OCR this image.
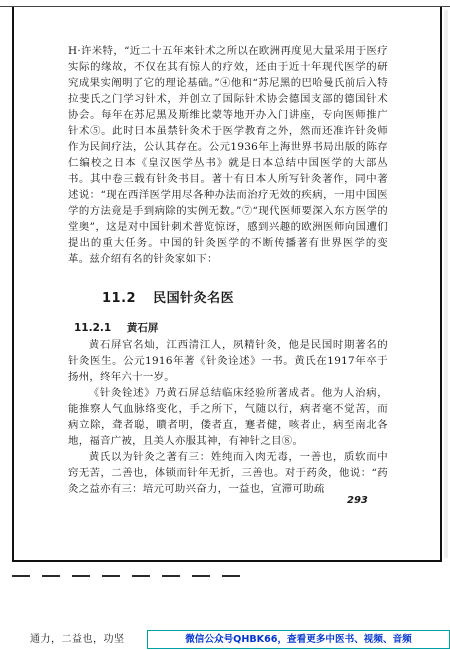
H·许米特，“近二十五年来针术之所以在欧洲再度见大量采用于医疗实际的缘故，不仅在其有惊人的疗效，还由于近十年现代医学的研究成果实阐明了它的理论基础。”④他和“苏尼黑的巴哈曼氏前后入特拉斐氏之门学习针术，并创立了国际针术协会德国支部的德国针术协会。每年在苏尼黑及斯维比蒙等地开办入门讲座，专向医师推广针术⑤。此时日本虽禁针灸术于医学教育之外，然而还准许针灸师作为民间疗法，公认其存在。公元1936年上海世界书局出版的陈存仁编校之日本《皇汉医学丛书》就是日本总结中国医学的大部丛书。其中卷三载有针灸书目。著十有日本人所写针灸著作，同中著述说：“现在西洋医学用尽各种办法而治疗无效的疾病，一用中国医学的方法竟是手到病除的实例无数。”⑦“现代医师要深入东方医学的堂奥”，这是对中国针刺术普览惊讶，感到兴趣的欧洲医师向国遭们提出的重大任务。中国的针灸医学的不断传播著有世界医学的变革。兹介绍有名的针灸家如下：

11.2 民国针灸名医
11.2.1 黄石屏

黄石屏官名灿，江西清江人，夙精针灸，他是民国时期著名的针灸医生。公元1916年著《针灸诠述》一书。黄氏在1917年卒于扬州，终年六十一岁。

《针灸铨述》乃黄石屏总结临床经验所著成者。他为人治病，能推察人气血脉络变化，手之所下，气随以行，病者毫不觉苦，而病立除，聋者聪，瞶者明，偻者直，蹇者健，咳者止，病至南北各地，福音广被，且美人亦服其神，有神针之目⑧。

黄氏以为针灸之著有三：姓纯而入肉无毒，一善也，质软而中窍无苦，二善也，体锁而针年无折，三善也。对于药灸，他说：“药灸之益亦有三：培元可助兴奋力，一益也，宣滞可助疏

293
通力，二益也，功坚	微信公众号QHBK66，查看更多中医书、视频、音频
